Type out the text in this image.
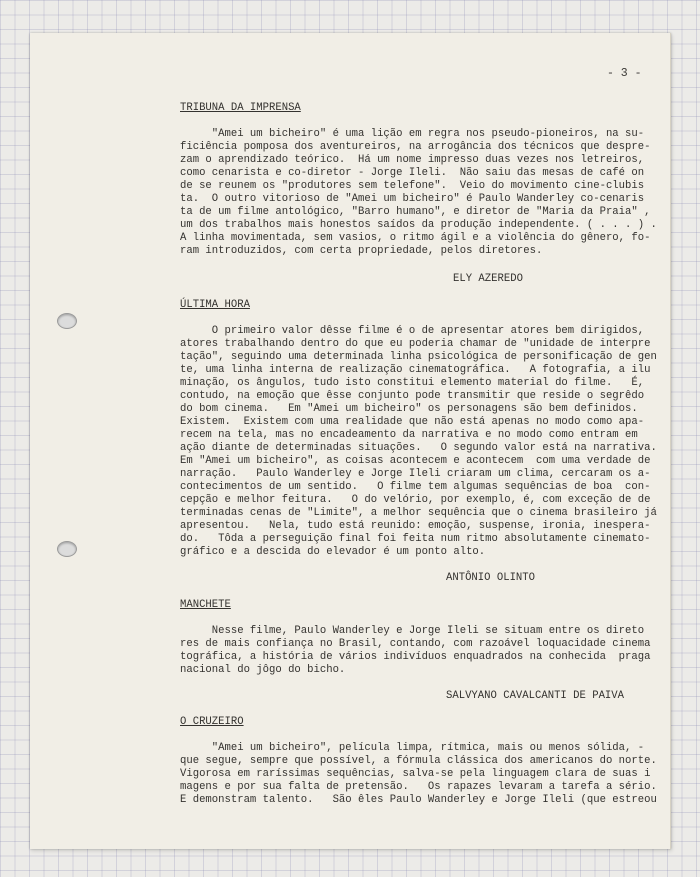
- 3 -

TRIBUNA DA IMPRENSA

"Amei um bicheiro" é uma lição em regra nos pseudo-pioneiros, na su-

ficiência pomposa dos aventureiros, na arrogância dos técnicos que despre-

zam o aprendizado teórico.  Há um nome impresso duas vezes nos letreiros,

como cenarista e co-diretor - Jorge Ileli.  Não saiu das mesas de café on

de se reunem os "produtores sem telefone".  Veio do movimento cine-clubis

ta.  O outro vitorioso de "Amei um bicheiro" é Paulo Wanderley co-cenaris

ta de um filme antológico, "Barro humano", e diretor de "Maria da Praia" ,

um dos trabalhos mais honestos saídos da produção independente. ( . . . ) .

A linha movimentada, sem vasios, o ritmo ágil e a violência do gênero, fo-

ram introduzidos, com certa propriedade, pelos diretores.

ELY AZEREDO

ÚLTIMA HORA

O primeiro valor dêsse filme é o de apresentar atores bem dirigidos,

atores trabalhando dentro do que eu poderia chamar de "unidade de interpre

tação", seguindo uma determinada linha psicológica de personificação de gen

te, uma linha interna de realização cinematográfica.   A fotografia, a ilu

minação, os ângulos, tudo isto constitui elemento material do filme.   É,

contudo, na emoção que êsse conjunto pode transmitir que reside o segrêdo

do bom cinema.   Em "Amei um bicheiro" os personagens são bem definidos.

Existem.  Existem com uma realidade que não está apenas no modo como apa-

recem na tela, mas no encadeamento da narrativa e no modo como entram em

ação diante de determinadas situações.   O segundo valor está na narrativa.

Em "Amei um bicheiro", as coisas acontecem e acontecem  com uma verdade de

narração.   Paulo Wanderley e Jorge Ileli criaram um clima, cercaram os a-

contecimentos de um sentido.   O filme tem algumas sequências de boa  con-

cepção e melhor feitura.   O do velório, por exemplo, é, com exceção de de

terminadas cenas de "Limite", a melhor sequência que o cinema brasileiro já

apresentou.   Nela, tudo está reunido: emoção, suspense, ironia, inespera-

do.   Tôda a perseguição final foi feita num ritmo absolutamente cinemato-

gráfico e a descida do elevador é um ponto alto.

ANTÔNIO OLINTO

MANCHETE

Nesse filme, Paulo Wanderley e Jorge Ileli se situam entre os direto

res de mais confiança no Brasil, contando, com razoável loquacidade cinema

tográfica, a história de vários indivíduos enquadrados na conhecida  praga

nacional do jôgo do bicho.

SALVYANO CAVALCANTI DE PAIVA

O CRUZEIRO

"Amei um bicheiro", película limpa, rítmica, mais ou menos sólida, -

que segue, sempre que possível, a fórmula clássica dos americanos do norte.

Vigorosa em raríssimas sequências, salva-se pela linguagem clara de suas i

magens e por sua falta de pretensão.   Os rapazes levaram a tarefa a sério.

E demonstram talento.   São êles Paulo Wanderley e Jorge Ileli (que estreou
